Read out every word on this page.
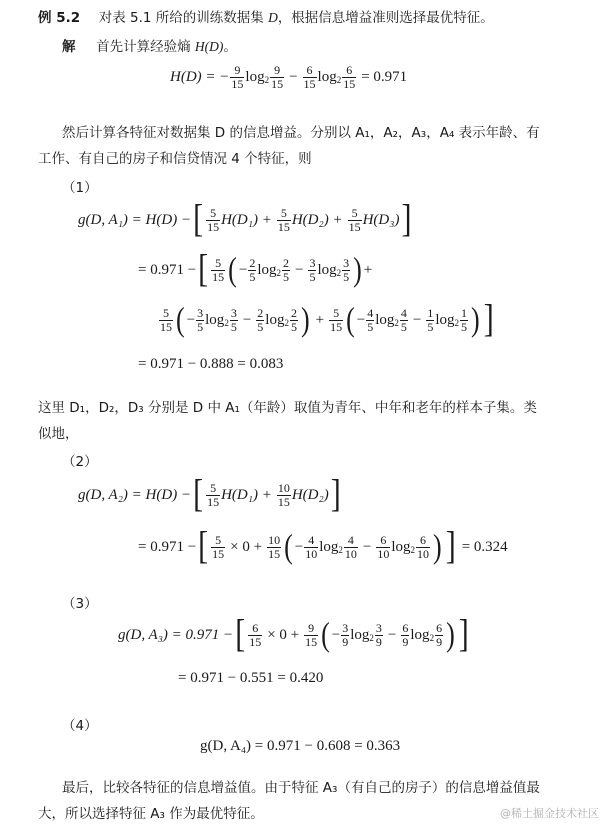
例 5.2 对表 5.1 所给的训练数据集 D，根据信息增益准则选择最优特征。
解 首先计算经验熵 H(D)。
H(D) = − $\frac{9}{15} \log_2 \frac{9}{15} - \frac{6}{15} \log_2 \frac{6}{15} = 0.971$
然后计算各特征对数据集 D 的信息增益。分别以 A₁，A₂，A₃，A₄ 表示年龄、有
工作、有自己的房子和信贷情况 4 个特征，则
（1）
g(D, A₁) = H(D) − [ $\frac{5}{15} H(D_1) + \frac{5}{15} H(D_2) + \frac{5}{15} H(D_3)$ ]
= 0.971 − [ $\frac{5}{15}$ ( − $\frac{2}{5} \log_2 \frac{2}{5} - \frac{3}{5} \log_2 \frac{3}{5}$ ) +
$\frac{5}{15}$ ( − $\frac{3}{5} \log_2 \frac{3}{5} - \frac{2}{5} \log_2 \frac{2}{5}$ ) + $\frac{5}{15}$ ( − $\frac{4}{5} \log_2 \frac{4}{5} - \frac{1}{5} \log_2 \frac{1}{5}$ ) ]
= 0.971 − 0.888 = 0.083
这里 D₁，D₂，D₃ 分别是 D 中 A₁（年龄）取值为青年、中年和老年的样本子集。类
似地，
（2）
g(D, A₂) = H(D) − [ $\frac{5}{15} H(D_1) + \frac{10}{15} H(D_2)$ ]
= 0.971 − [ $\frac{5}{15} \times 0 + \frac{10}{15}$ ( − $\frac{4}{10} \log_2 \frac{4}{10} - \frac{6}{10} \log_2 \frac{6}{10}$ ) ] = 0.324
（3）
g(D, A₃) = 0.971 − [ $\frac{6}{15} \times 0 + \frac{9}{15}$ ( − $\frac{3}{9} \log_2 \frac{3}{9} - \frac{6}{9} \log_2 \frac{6}{9}$ ) ]
= 0.971 − 0.551 = 0.420
（4）
g(D, A₄) = 0.971 − 0.608 = 0.363
最后，比较各特征的信息增益值。由于特征 A₃（有自己的房子）的信息增益值最
大，所以选择特征 A₃ 作为最优特征。	@稀土掘金技术社区
